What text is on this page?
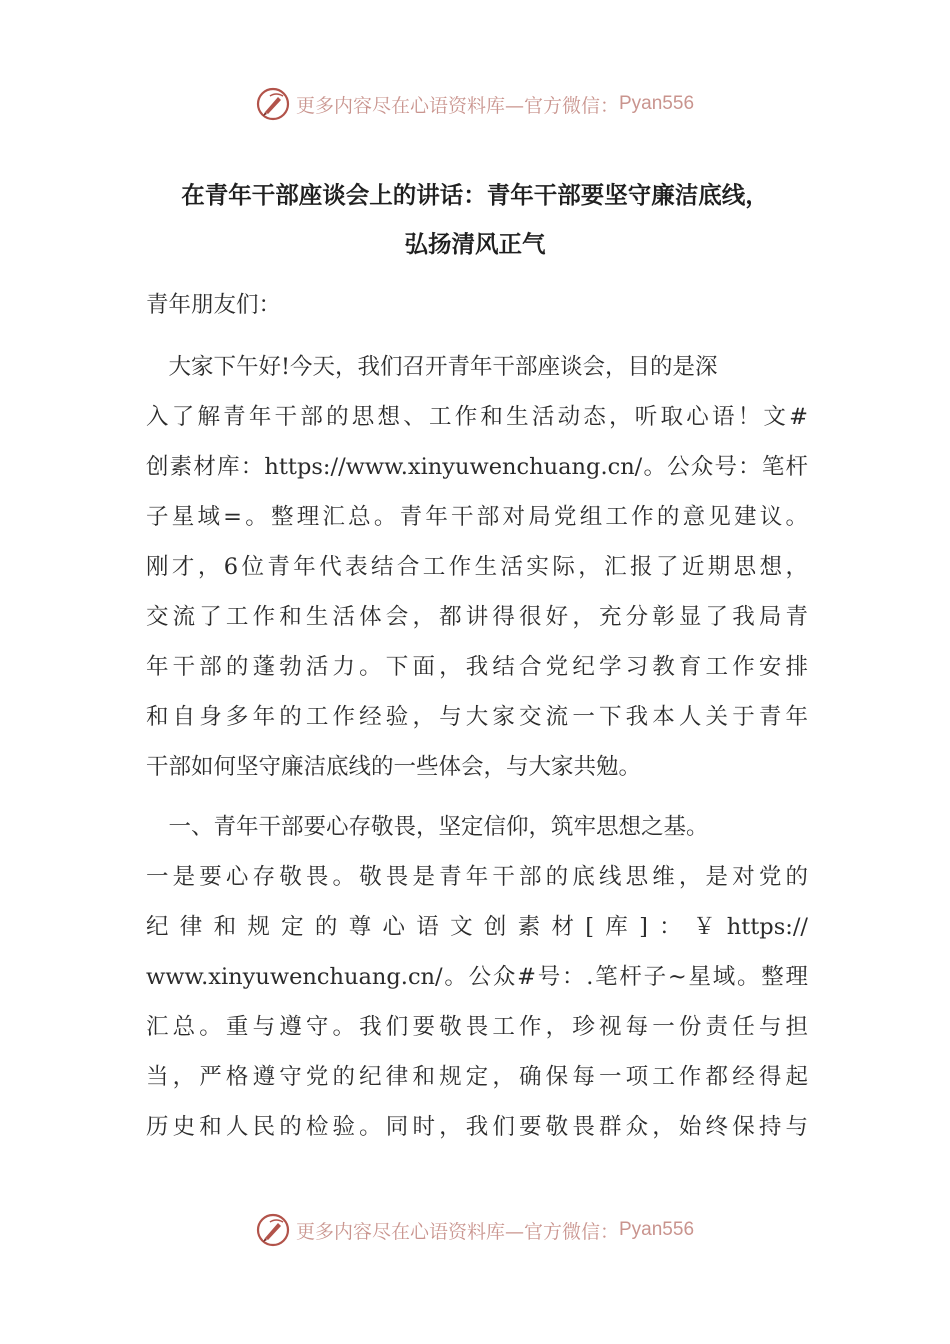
更多内容尽在心语资料库—官方微信： Pyan556
在青年干部座谈会上的讲话：青年干部要坚守廉洁底线，
弘扬清风正气
青年朋友们：
　大家下午好!今天，我们召开青年干部座谈会，目的是深
入了解青年干部的思想、工作和生活动态，听取心语！文#
创素材库：https://www.xinyuwenchuang.cn/。公众号：笔杆
子星域=。整理汇总。青年干部对局党组工作的意见建议。
刚才，6位青年代表结合工作生活实际，汇报了近期思想，
交流了工作和生活体会，都讲得很好，充分彰显了我局青
年干部的蓬勃活力。下面，我结合党纪学习教育工作安排
和自身多年的工作经验，与大家交流一下我本人关于青年
干部如何坚守廉洁底线的一些体会，与大家共勉。
　一、青年干部要心存敬畏，坚定信仰，筑牢思想之基。
一是要心存敬畏。敬畏是青年干部的底线思维，是对党的
纪律和规定的尊心语文创素材[库]：￥https://
www.xinyuwenchuang.cn/。公众#号：.笔杆子~星域。整理
汇总。重与遵守。我们要敬畏工作，珍视每一份责任与担
当，严格遵守党的纪律和规定，确保每一项工作都经得起
历史和人民的检验。同时，我们要敬畏群众，始终保持与
更多内容尽在心语资料库—官方微信： Pyan556
